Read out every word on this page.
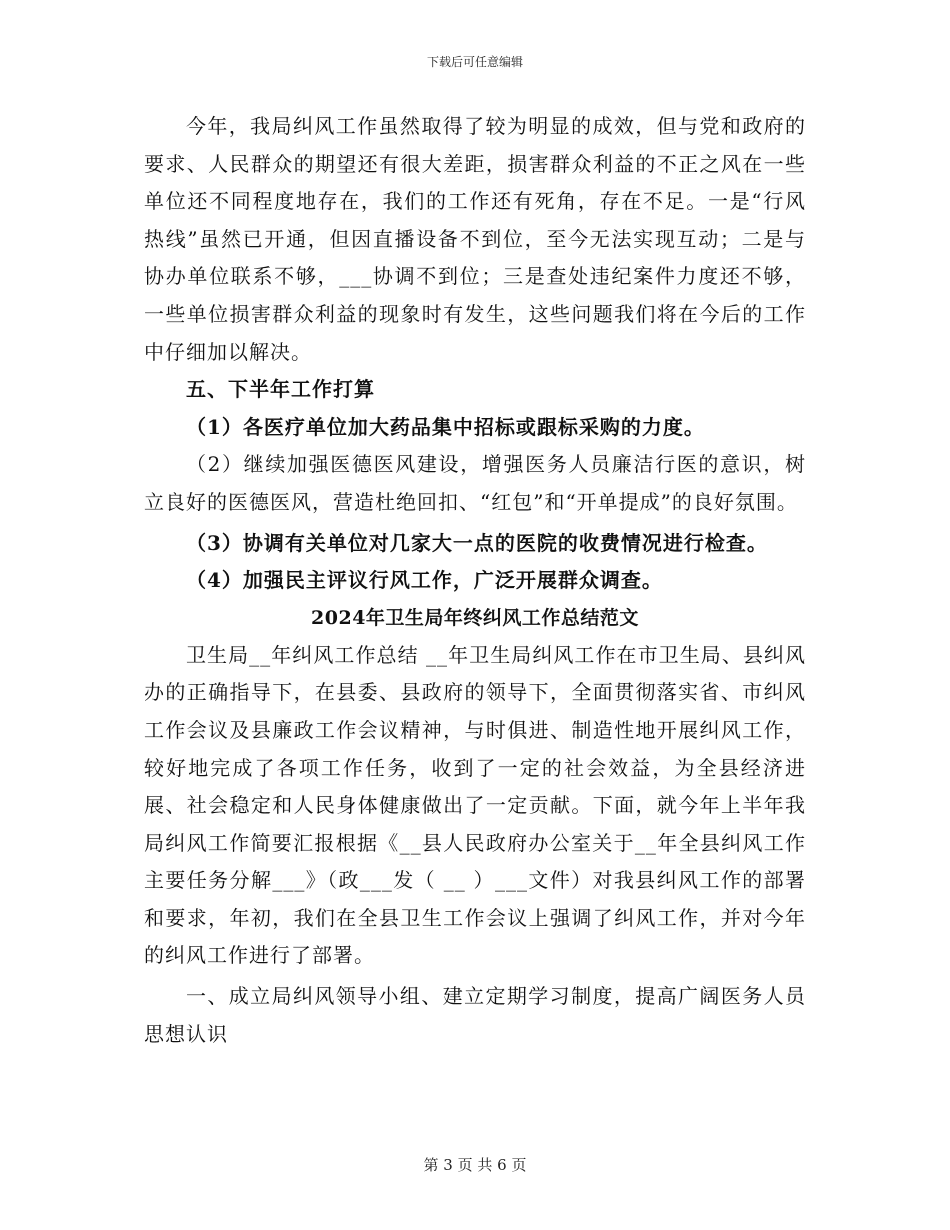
下载后可任意编辑

今年，我局纠风工作虽然取得了较为明显的成效，但与党和政府的要求、人民群众的期望还有很大差距，损害群众利益的不正之风在一些单位还不同程度地存在，我们的工作还有死角，存在不足。一是“行风热线”虽然已开通，但因直播设备不到位，至今无法实现互动；二是与协办单位联系不够，___协调不到位；三是查处违纪案件力度还不够，一些单位损害群众利益的现象时有发生，这些问题我们将在今后的工作中仔细加以解决。

五、下半年工作打算

（1）各医疗单位加大药品集中招标或跟标采购的力度。

（2）继续加强医德医风建设，增强医务人员廉洁行医的意识，树立良好的医德医风，营造杜绝回扣、“红包”和“开单提成”的良好氛围。

（3）协调有关单位对几家大一点的医院的收费情况进行检查。

（4）加强民主评议行风工作，广泛开展群众调查。

2024年卫生局年终纠风工作总结范文

卫生局__年纠风工作总结 __年卫生局纠风工作在市卫生局、县纠风办的正确指导下，在县委、县政府的领导下，全面贯彻落实省、市纠风工作会议及县廉政工作会议精神，与时俱进、制造性地开展纠风工作，较好地完成了各项工作任务，收到了一定的社会效益，为全县经济进展、社会稳定和人民身体健康做出了一定贡献。下面，就今年上半年我局纠风工作简要汇报根据《__县人民政府办公室关于__年全县纠风工作主要任务分解___》（政___发（ __ ）___文件）对我县纠风工作的部署和要求，年初，我们在全县卫生工作会议上强调了纠风工作，并对今年的纠风工作进行了部署。

一、成立局纠风领导小组、建立定期学习制度，提高广阔医务人员思想认识

第 3 页 共 6 页
